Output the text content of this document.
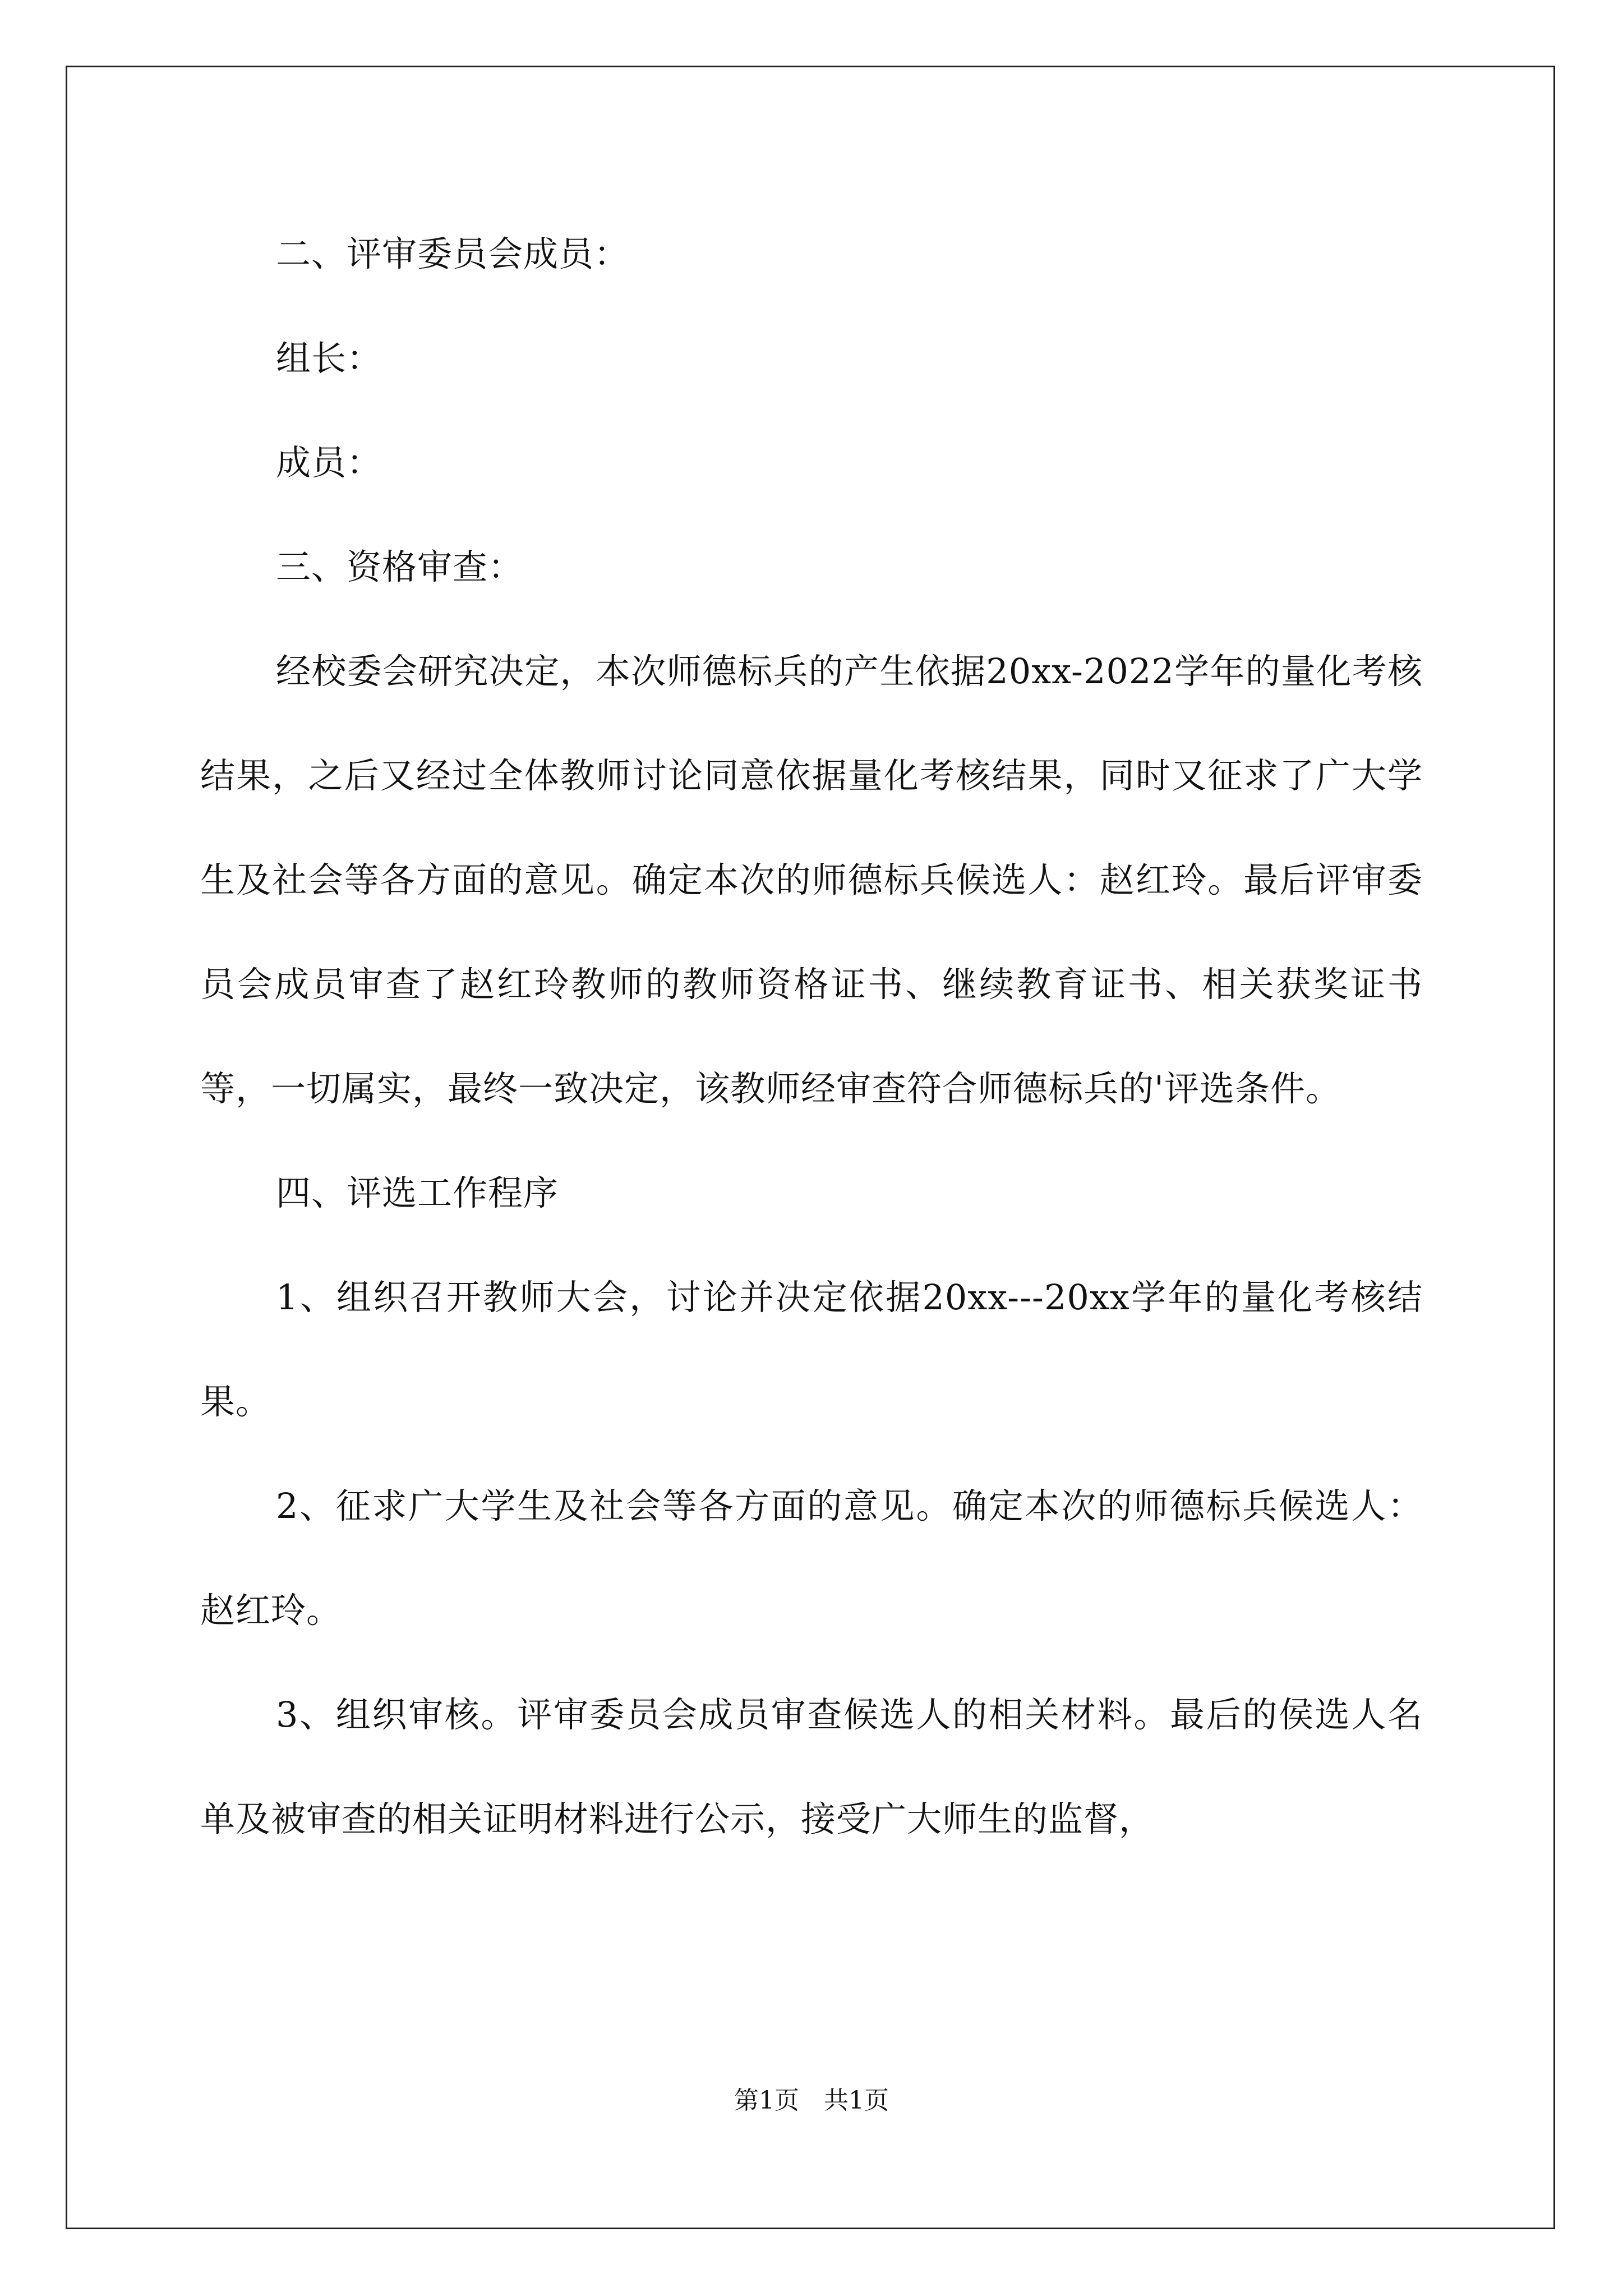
二、评审委员会成员：

组长：

成员：

三、资格审查：

经校委会研究决定，本次师德标兵的产生依据20xx-2022学年的量化考核结果，之后又经过全体教师讨论同意依据量化考核结果，同时又征求了广大学生及社会等各方面的意见。确定本次的师德标兵候选人：赵红玲。最后评审委员会成员审查了赵红玲教师的教师资格证书、继续教育证书、相关获奖证书等，一切属实，最终一致决定，该教师经审查符合师德标兵的'评选条件。

四、评选工作程序

1、组织召开教师大会，讨论并决定依据20xx---20xx学年的量化考核结果。

2、征求广大学生及社会等各方面的意见。确定本次的师德标兵候选人：赵红玲。

3、组织审核。评审委员会成员审查候选人的相关材料。最后的侯选人名单及被审查的相关证明材料进行公示，接受广大师生的监督，

第1页　共1页
